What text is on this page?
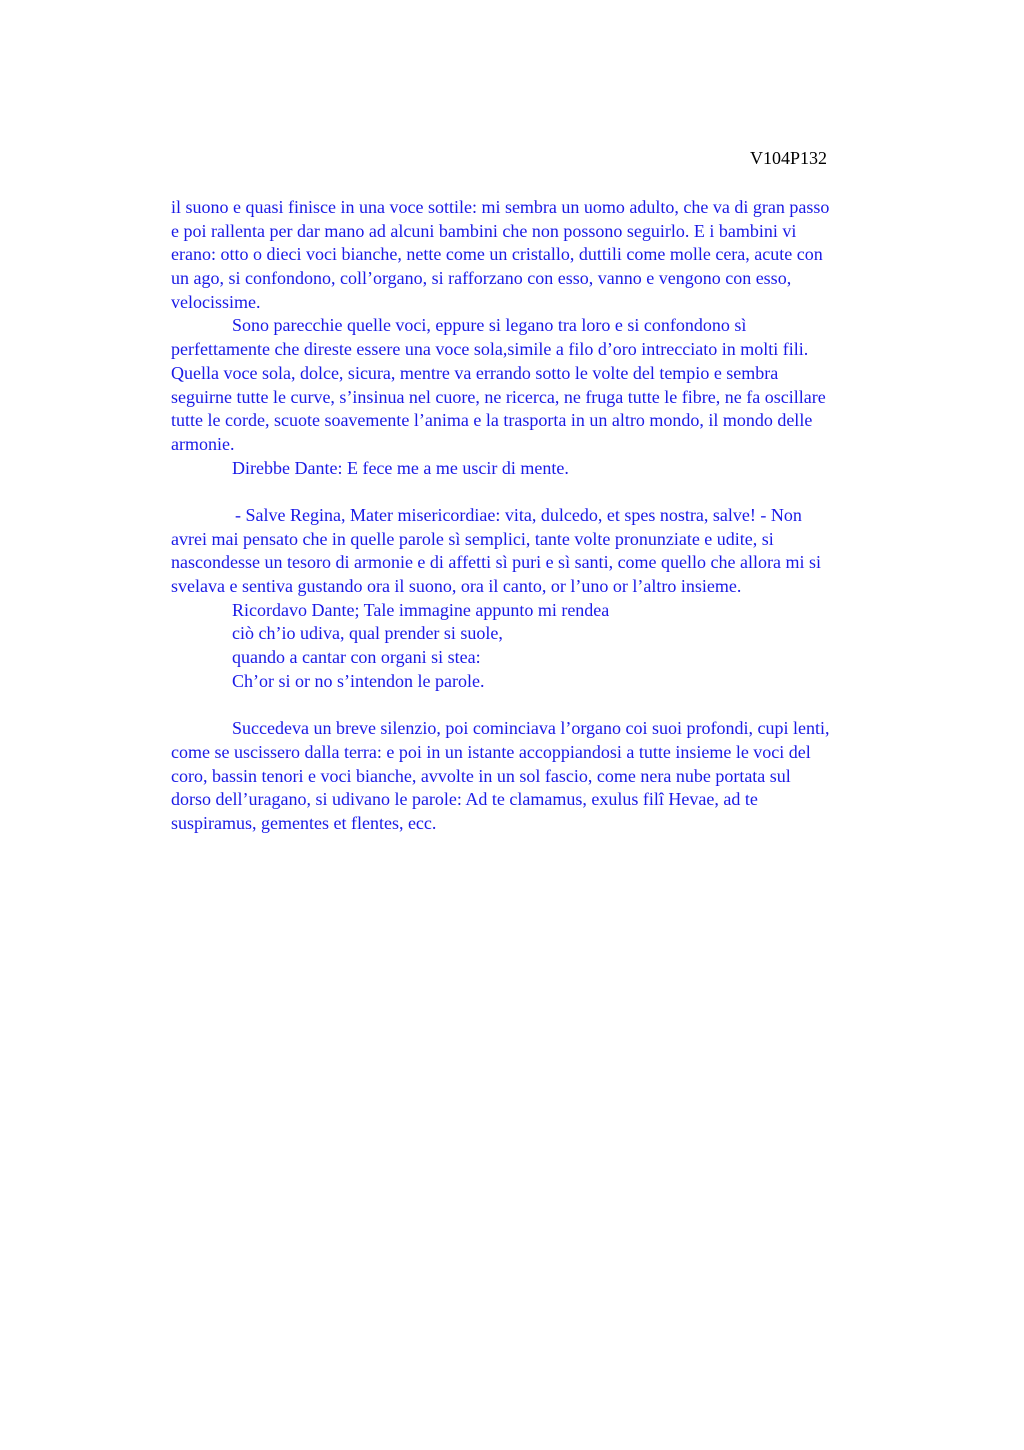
V104P132
il suono e quasi finisce in una voce sottile: mi sembra un uomo adulto, che va di gran passo
e poi rallenta per dar mano ad alcuni bambini che non possono seguirlo. E i bambini vi
erano: otto o dieci voci bianche, nette come un cristallo, duttili come molle cera, acute con
un ago, si confondono, coll’organo, si rafforzano con esso, vanno e vengono con esso,
velocissime.
Sono parecchie quelle voci, eppure si legano tra loro e si confondono sì
perfettamente che direste essere una voce sola,simile a filo d’oro intrecciato in molti fili.
Quella voce sola, dolce, sicura, mentre va errando sotto le volte del tempio e sembra
seguirne tutte le curve, s’insinua nel cuore, ne ricerca, ne fruga tutte le fibre, ne fa oscillare
tutte le corde, scuote soavemente l’anima e la trasporta in un altro mondo, il mondo delle
armonie.
Direbbe Dante: E fece me a me uscir di mente.
- Salve Regina, Mater misericordiae: vita, dulcedo, et spes nostra, salve! - Non
avrei mai pensato che in quelle parole sì semplici, tante volte pronunziate e udite, si
nascondesse un tesoro di armonie e di affetti sì puri e sì santi, come quello che allora mi si
svelava e sentiva gustando ora il suono, ora il canto, or l’uno or l’altro insieme.
Ricordavo Dante; Tale immagine appunto mi rendea
ciò ch’io udiva, qual prender si suole,
quando a cantar con organi si stea:
Ch’or si or no s’intendon le parole.
Succedeva un breve silenzio, poi cominciava l’organo coi suoi profondi, cupi lenti,
come se uscissero dalla terra: e poi in un istante accoppiandosi a tutte insieme le voci del
coro, bassin tenori e voci bianche, avvolte in un sol fascio, come nera nube portata sul
dorso dell’uragano, si udivano le parole: Ad te clamamus, exulus filî Hevae, ad te
suspiramus, gementes et flentes, ecc.
